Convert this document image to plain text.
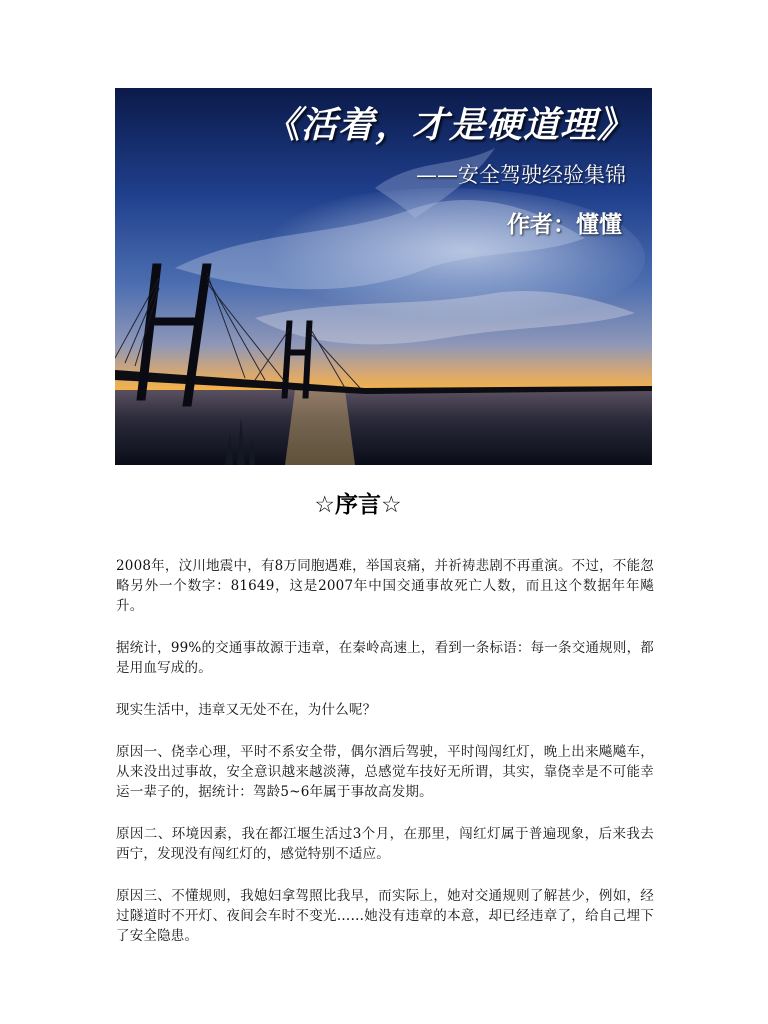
《活着，才是硬道理》
——安全驾驶经验集锦
作者：懂懂
☆序言☆

2008年，汶川地震中，有8万同胞遇难，举国哀痛，并祈祷悲剧不再重演。不过，不能忽略另外一个数字：81649，这是2007年中国交通事故死亡人数，而且这个数据年年飚升。

据统计，99%的交通事故源于违章，在秦岭高速上，看到一条标语：每一条交通规则，都是用血写成的。

现实生活中，违章又无处不在，为什么呢？

原因一、侥幸心理，平时不系安全带，偶尔酒后驾驶，平时闯闯红灯，晚上出来飚飚车，从来没出过事故，安全意识越来越淡薄，总感觉车技好无所谓，其实，靠侥幸是不可能幸运一辈子的，据统计：驾龄5~6年属于事故高发期。

原因二、环境因素，我在都江堰生活过3个月，在那里，闯红灯属于普遍现象，后来我去西宁，发现没有闯红灯的，感觉特别不适应。

原因三、不懂规则，我媳妇拿驾照比我早，而实际上，她对交通规则了解甚少，例如，经过隧道时不开灯、夜间会车时不变光……她没有违章的本意，却已经违章了，给自己埋下了安全隐患。
